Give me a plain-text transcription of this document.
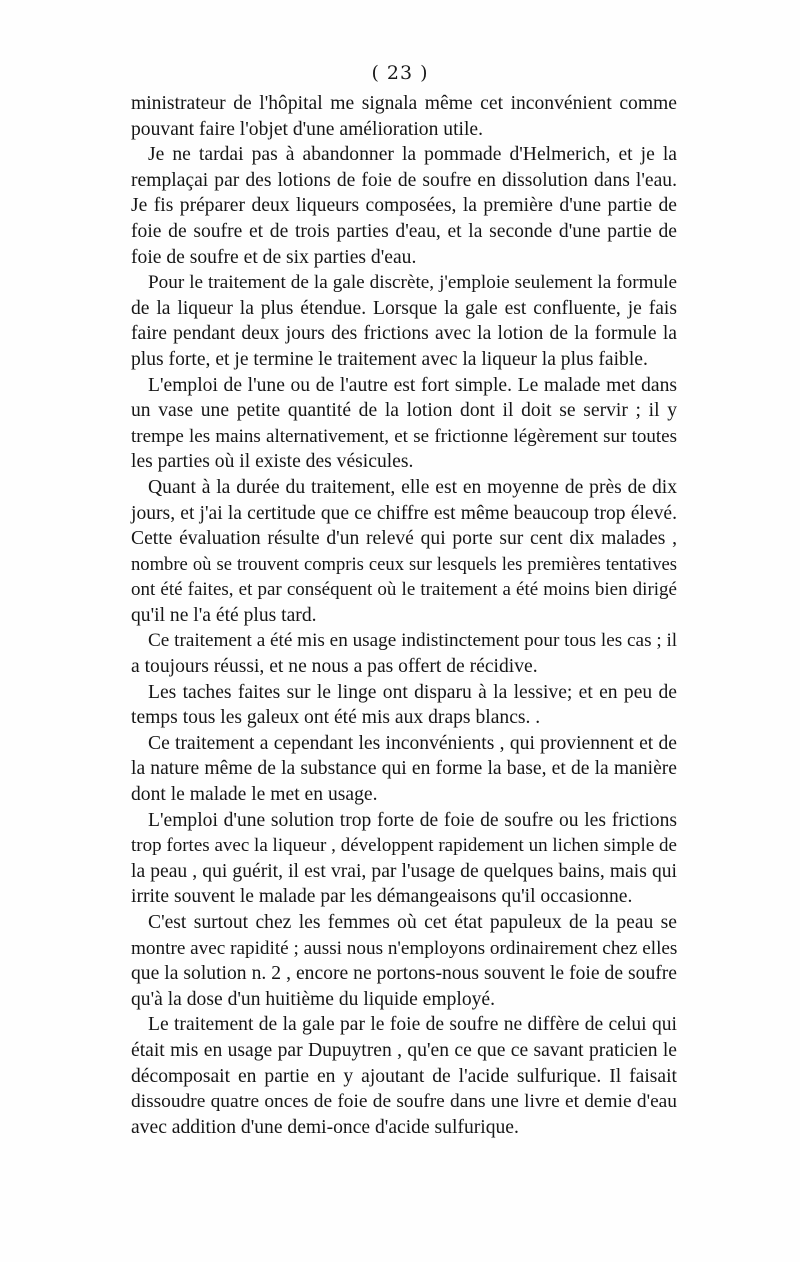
( 23 )
ministrateur de l'hôpital me signala même cet inconvénient comme
pouvant faire l'objet d'une amélioration utile.
Je ne tardai pas à abandonner la pommade d'Helmerich, et je la
remplaçai par des lotions de foie de soufre en dissolution dans l'eau.
Je fis préparer deux liqueurs composées, la première d'une partie de
foie de soufre et de trois parties d'eau, et la seconde d'une partie de
foie de soufre et de six parties d'eau.
Pour le traitement de la gale discrète, j'emploie seulement la formule
de la liqueur la plus étendue. Lorsque la gale est confluente, je fais
faire pendant deux jours des frictions avec la lotion de la formule la
plus forte, et je termine le traitement avec la liqueur la plus faible.
L'emploi de l'une ou de l'autre est fort simple. Le malade met dans
un vase une petite quantité de la lotion dont il doit se servir ; il y
trempe les mains alternativement, et se frictionne légèrement sur toutes
les parties où il existe des vésicules.
Quant à la durée du traitement, elle est en moyenne de près de dix
jours, et j'ai la certitude que ce chiffre est même beaucoup trop élevé.
Cette évaluation résulte d'un relevé qui porte sur cent dix malades ,
nombre où se trouvent compris ceux sur lesquels les premières tentatives
ont été faites, et par conséquent où le traitement a été moins bien dirigé
qu'il ne l'a été plus tard.
Ce traitement a été mis en usage indistinctement pour tous les cas ; il
a toujours réussi, et ne nous a pas offert de récidive.
Les taches faites sur le linge ont disparu à la lessive; et en peu de
temps tous les galeux ont été mis aux draps blancs. .
Ce traitement a cependant les inconvénients , qui proviennent et de
la nature même de la substance qui en forme la base, et de la manière
dont le malade le met en usage.
L'emploi d'une solution trop forte de foie de soufre ou les frictions
trop fortes avec la liqueur , développent rapidement un lichen simple de
la peau , qui guérit, il est vrai, par l'usage de quelques bains, mais qui
irrite souvent le malade par les démangeaisons qu'il occasionne.
C'est surtout chez les femmes où cet état papuleux de la peau se
montre avec rapidité ; aussi nous n'employons ordinairement chez elles
que la solution n. 2 , encore ne portons-nous souvent le foie de soufre
qu'à la dose d'un huitième du liquide employé.
Le traitement de la gale par le foie de soufre ne diffère de celui qui
était mis en usage par Dupuytren , qu'en ce que ce savant praticien le
décomposait en partie en y ajoutant de l'acide sulfurique. Il faisait
dissoudre quatre onces de foie de soufre dans une livre et demie d'eau
avec addition d'une demi-once d'acide sulfurique.
